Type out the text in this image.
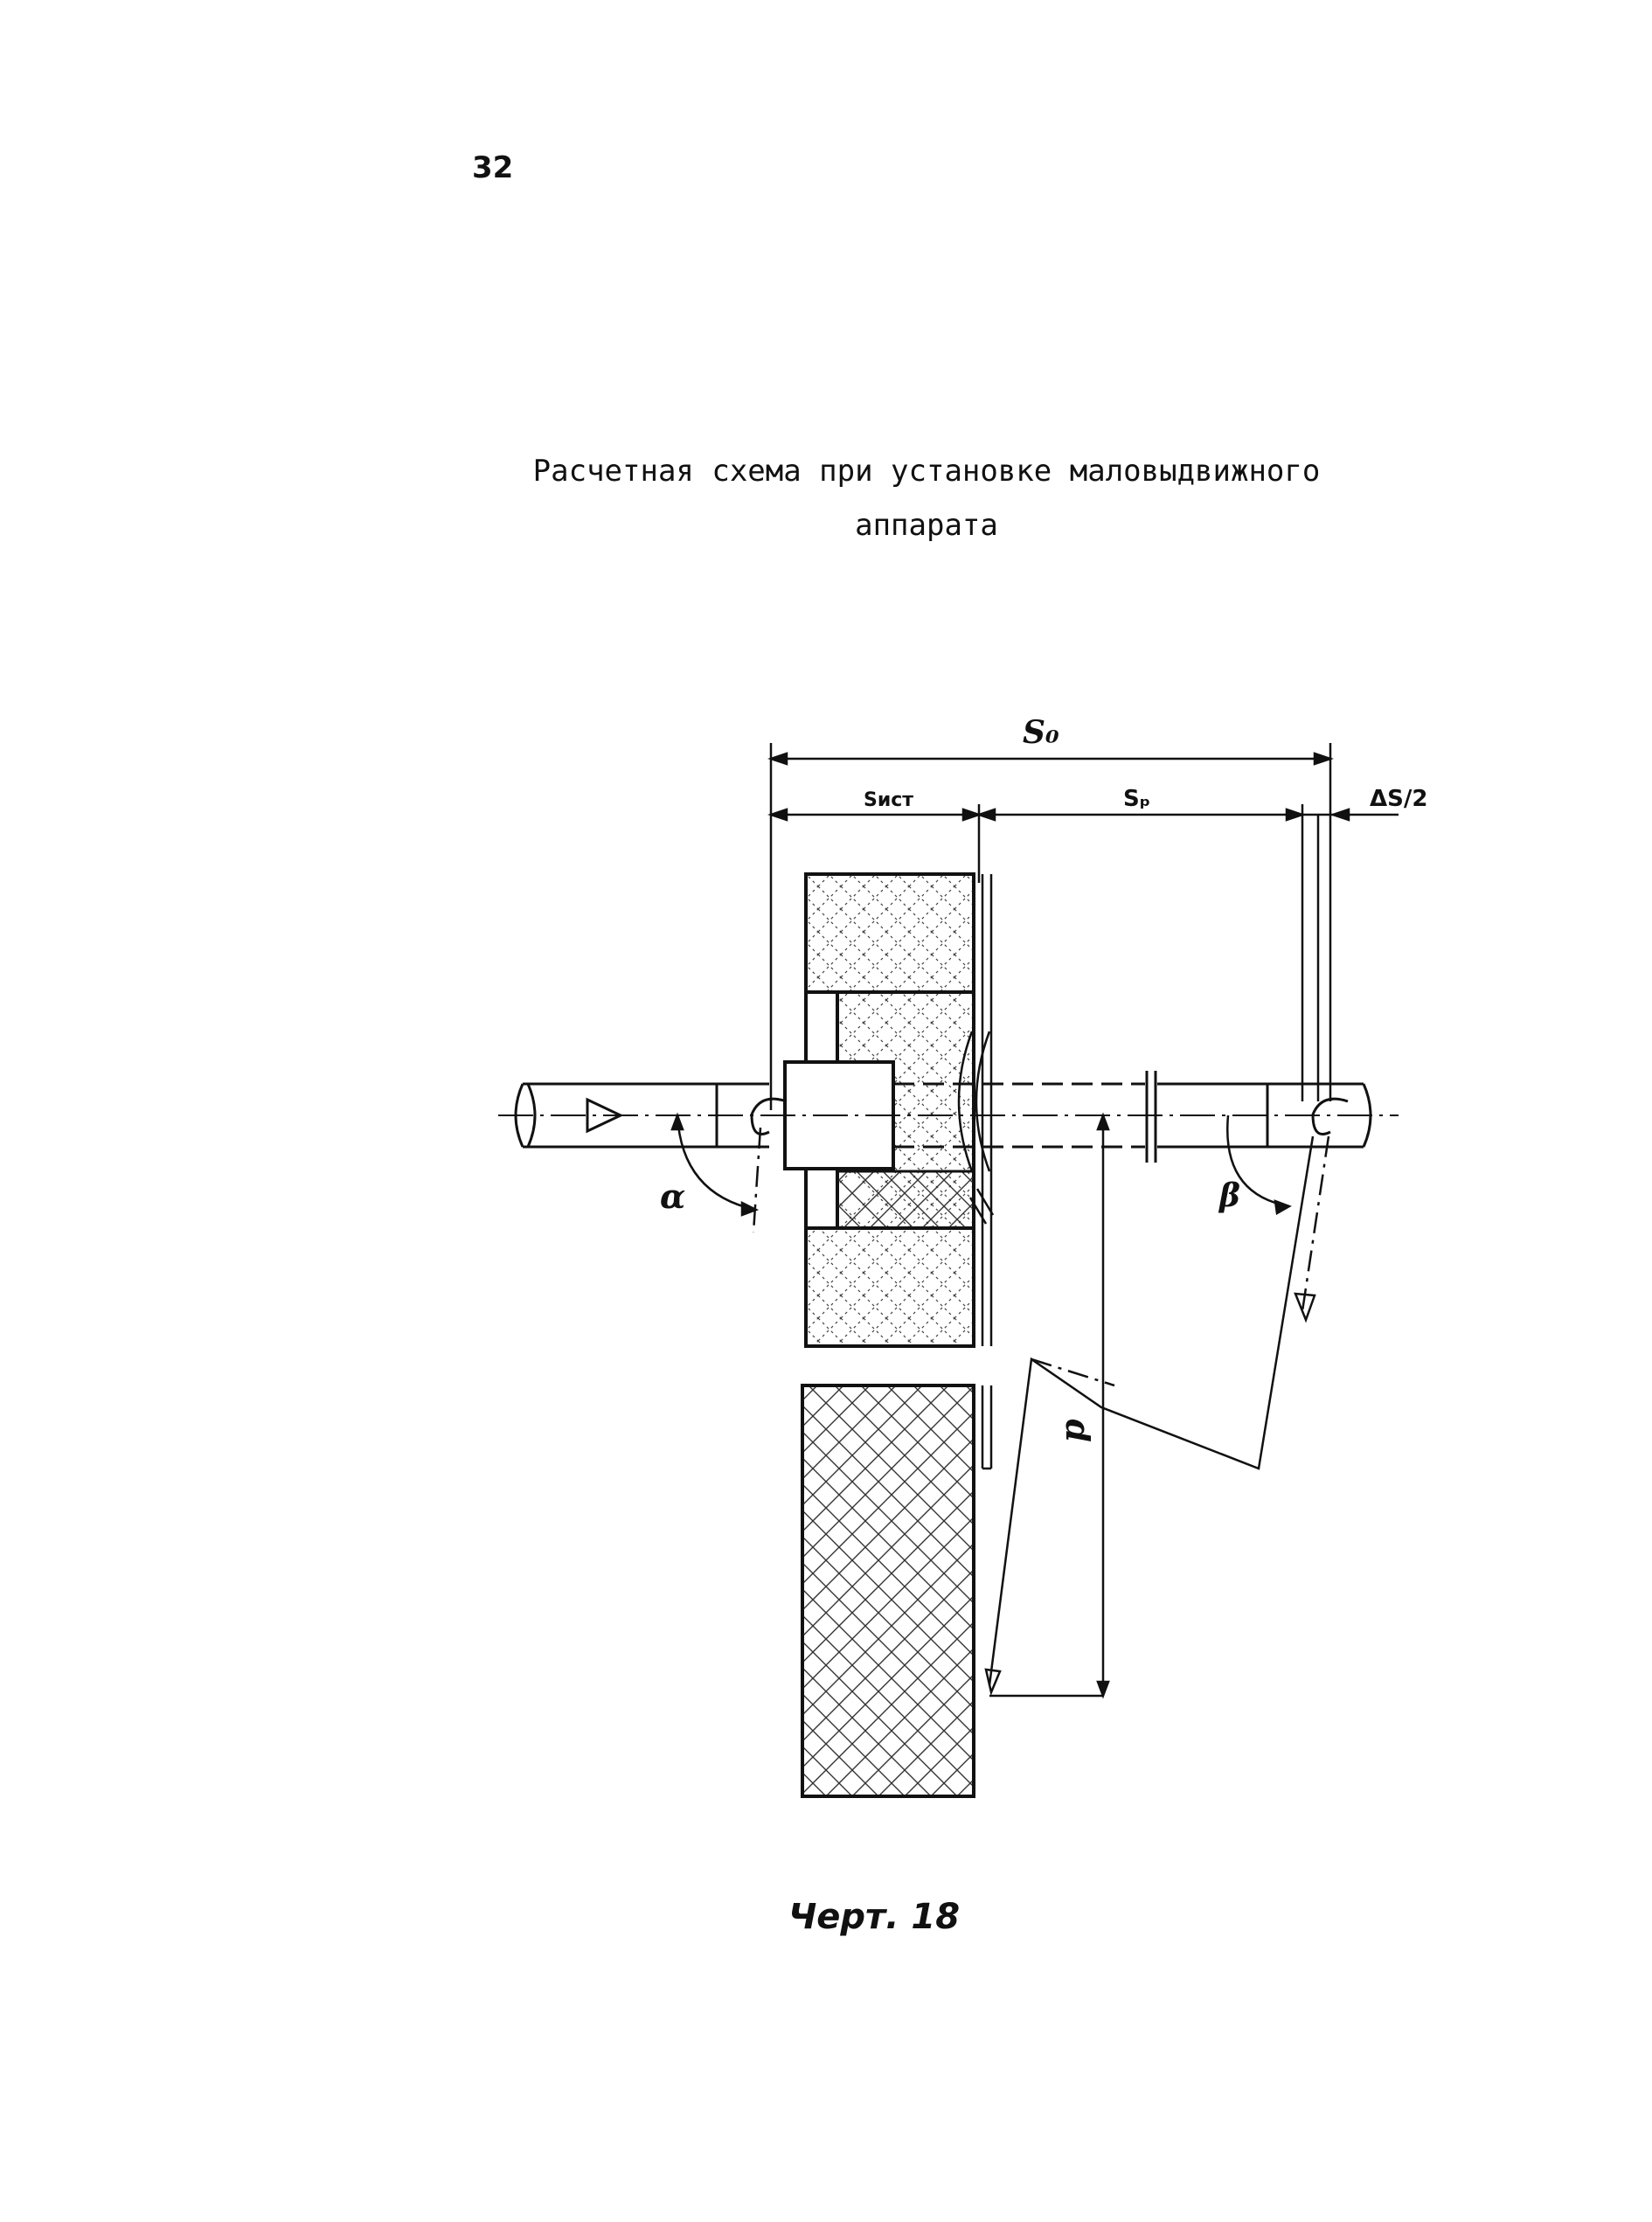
32
Расчетная схема при установке маловыдвижного
аппарата
S₀
Sист	Sₚ	ΔS/2
α	β
p
Черт. 18
